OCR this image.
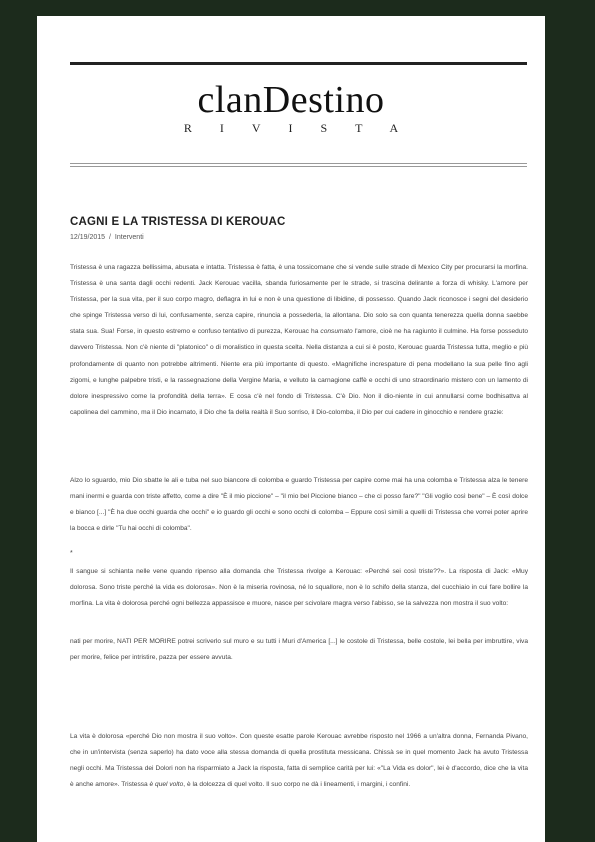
clanDestino
RIVISTA
CAGNI E LA TRISTESSA DI KEROUAC
12/19/2015 / Interventi
Tristessa è una ragazza bellissima, abusata e intatta. Tristessa è fatta, è una tossicomane che si vende sulle strade di Mexico City per procurarsi la morfina. Tristessa è una santa dagli occhi redenti. Jack Kerouac vacilla, sbanda furiosamente per le strade, si trascina delirante a forza di whisky. L'amore per Tristessa, per la sua vita, per il suo corpo magro, deflagra in lui e non è una questione di libidine, di possesso. Quando Jack riconosce i segni del desiderio che spinge Tristessa verso di lui, confusamente, senza capire, rinuncia a possederla, la allontana. Dio solo sa con quanta tenerezza quella donna saebbe stata sua. Sua! Forse, in questo estremo e confuso tentativo di purezza, Kerouac ha consumato l'amore, cioè ne ha ragiunto il culmine. Ha forse posseduto davvero Tristessa. Non c'è niente di "platonico" o di moralistico in questa scelta. Nella distanza a cui si è posto, Kerouac guarda Tristessa tutta, meglio e più profondamente di quanto non potrebbe altrimenti. Niente era più importante di questo. «Magnifiche increspature di pena modellano la sua pelle fino agli zigomi, e lunghe palpebre tristi, e la rassegnazione della Vergine Maria, e velluto la carnagione caffè e occhi di uno straordinario mistero con un lamento di dolore inespressivo come la profondità della terra». E cosa c'è nel fondo di Tristessa. C'è Dio. Non il dio-niente in cui annullarsi come bodhisattva al capolinea del cammino, ma il Dio incarnato, il Dio che fa della realtà il Suo sorriso, il Dio-colomba, il Dio per cui cadere in ginocchio e rendere grazie:
Alzo lo sguardo, mio Dio sbatte le ali e tuba nel suo biancore di colomba e guardo Tristessa per capire come mai ha una colomba e Tristessa alza le tenere mani inermi e guarda con triste affetto, come a dire "È il mio piccione" – "il mio bel Piccione bianco – che ci posso fare?" "Gli voglio così bene" – È così dolce e bianco [...] "È ha due occhi guarda che occhi" e io guardo gli occhi e sono occhi di colomba – Eppure così simili a quelli di Tristessa che vorrei poter aprire la bocca e dirle "Tu hai occhi di colomba".
*
Il sangue si schianta nelle vene quando ripenso alla domanda che Tristessa rivolge a Kerouac: «Perché sei così triste??». La risposta di Jack: «Muy dolorosa. Sono triste perché la vida es dolorosa». Non è la miseria rovinosa, né lo squallore, non è lo schifo della stanza, del cucchiaio in cui fare bollire la morfina. La vita è dolorosa perché ogni bellezza appassisce e muore, nasce per scivolare magra verso l'abisso, se la salvezza non mostra il suo volto:
nati per morire, NATI PER MORIRE potrei scriverlo sul muro e su tutti i Muri d'America [...] le costole di Tristessa, belle costole, lei bella per imbruttire, viva per morire, felice per intristire, pazza per essere avvuta.
La vita è dolorosa «perché Dio non mostra il suo volto». Con queste esatte parole Kerouac avrebbe risposto nel 1966 a un'altra donna, Fernanda Pivano, che in un'intervista (senza saperlo) ha dato voce alla stessa domanda di quella prostituta messicana. Chissà se in quel momento Jack ha avuto Tristessa negli occhi. Ma Tristessa dei Dolori non ha risparmiato a Jack la risposta, fatta di semplice carità per lui: «"La Vida es dolor", lei è d'accordo, dice che la vita è anche amore». Tristessa è quel volto, è la dolcezza di quel volto. Il suo corpo ne dà i lineamenti, i margini, i confini.
